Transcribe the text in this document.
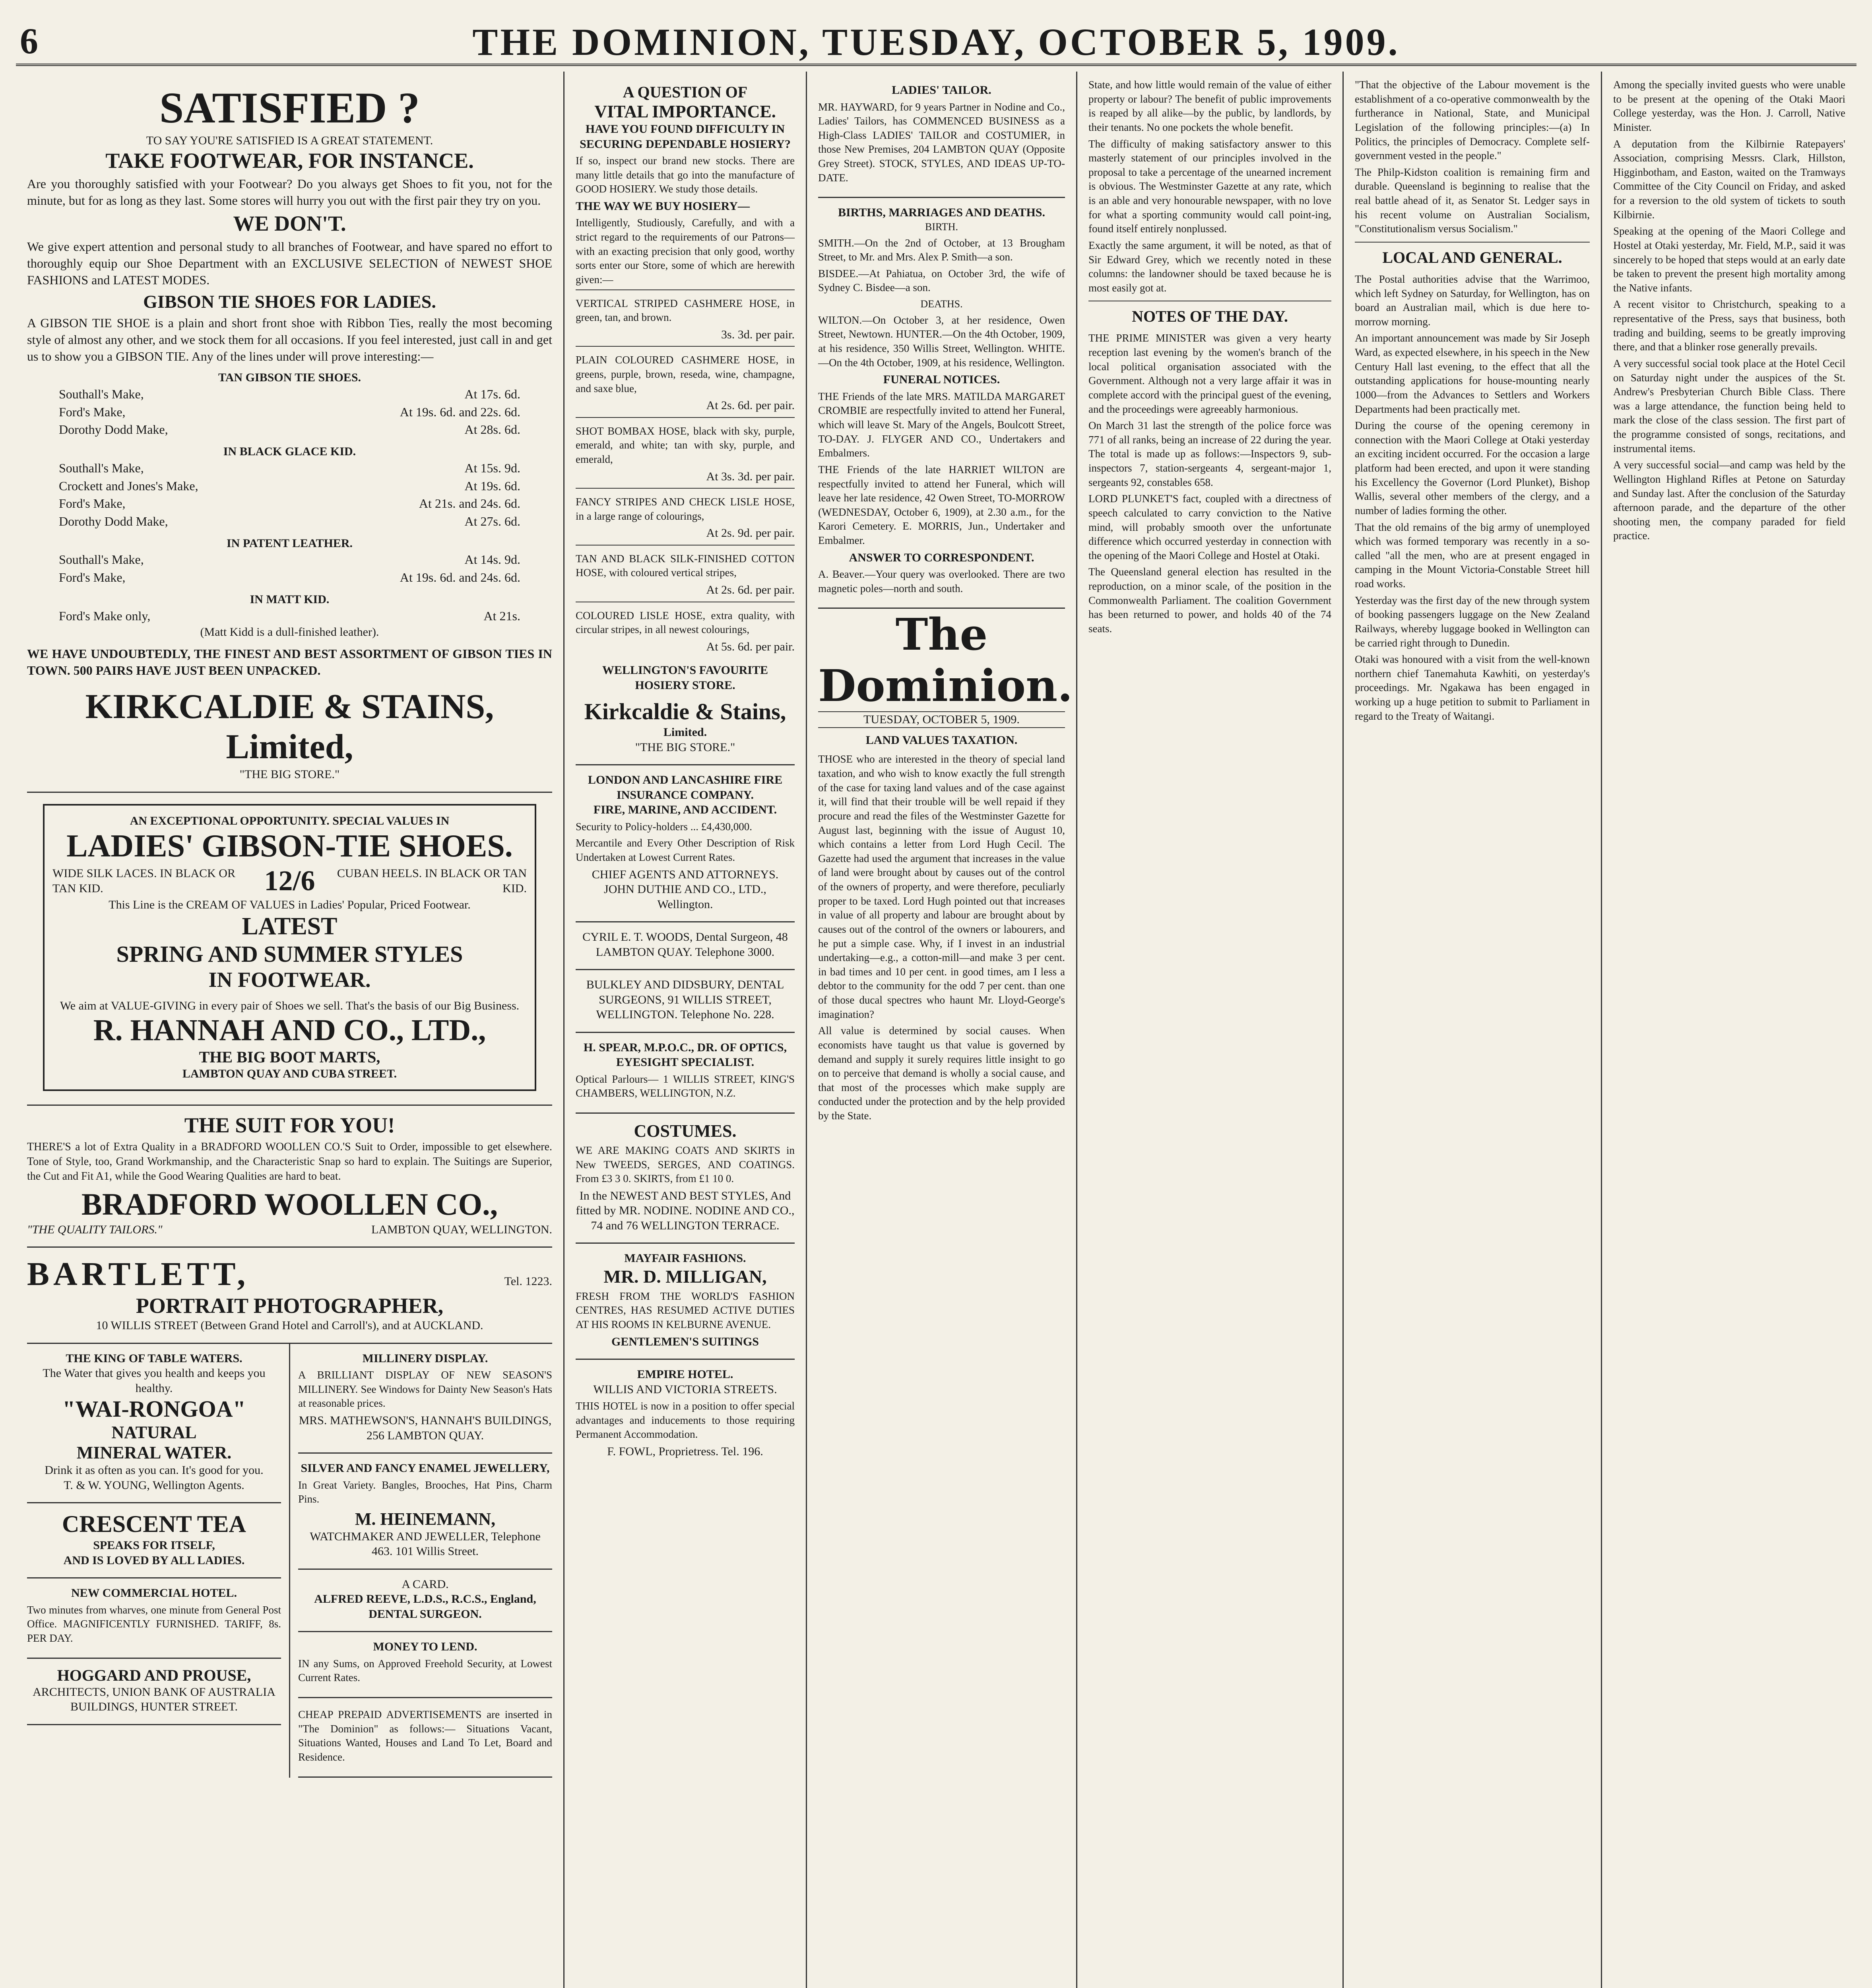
6	THE DOMINION, TUESDAY, OCTOBER 5, 1909.
SATISFIED ?
TO SAY YOU'RE SATISFIED IS A GREAT STATEMENT.
TAKE FOOTWEAR, FOR INSTANCE.
Are you thoroughly satisfied with your Footwear? Do you always get Shoes to fit you, not for the minute, but for as long as they last. Some stores will hurry you out with the first pair they try on you.
WE DON'T.
We give expert attention and personal study to all branches of Footwear, and have spared no effort to thoroughly equip our Shoe Department with an EXCLUSIVE SELECTION of NEWEST SHOE FASHIONS and LATEST MODES.
GIBSON TIE SHOES FOR LADIES.
A GIBSON TIE SHOE is a plain and short front shoe with Ribbon Ties, really the most becoming style of almost any other, and we stock them for all occasions. If you feel interested, just call in and get us to show you a GIBSON TIE. Any of the lines under will prove interesting:—
TAN GIBSON TIE SHOES.
Southall's Make,	At 17s. 6d.
Ford's Make,	At 19s. 6d. and 22s. 6d.
Dorothy Dodd Make,	At 28s. 6d.
IN BLACK GLACE KID.
Southall's Make,	At 15s. 9d.
Crockett and Jones's Make,	At 19s. 6d.
Ford's Make,	At 21s. and 24s. 6d.
Dorothy Dodd Make,	At 27s. 6d.
IN PATENT LEATHER.
Southall's Make,	At 14s. 9d.
Ford's Make,	At 19s. 6d. and 24s. 6d.
IN MATT KID.
Ford's Make only,	At 21s.
(Matt Kidd is a dull-finished leather).
WE HAVE UNDOUBTEDLY, THE FINEST AND BEST ASSORTMENT OF GIBSON TIES IN TOWN. 500 PAIRS HAVE JUST BEEN UNPACKED.
KIRKCALDIE & STAINS, Limited,
"THE BIG STORE."
AN EXCEPTIONAL OPPORTUNITY. SPECIAL VALUES IN
LADIES' GIBSON-TIE SHOES.
WIDE SILK LACES. IN BLACK OR TAN KID.	12/6 CUBAN HEELS. IN BLACK OR TAN KID.
This Line is the CREAM OF VALUES in Ladies' Popular, Priced Footwear.
LATEST
SPRING AND SUMMER STYLES
IN FOOTWEAR.
We aim at VALUE-GIVING in every pair of Shoes we sell. That's the basis of our Big Business.
R. HANNAH AND CO., LTD.,
THE BIG BOOT MARTS,
LAMBTON QUAY AND CUBA STREET.
THE SUIT FOR YOU!
THERE'S a lot of Extra Quality in a BRADFORD WOOLLEN CO.'S Suit to Order, impossible to get elsewhere. Tone of Style, too, Grand Workmanship, and the Characteristic Snap so hard to explain. The Suitings are Superior, the Cut and Fit A1, while the Good Wearing Qualities are hard to beat.
BRADFORD WOOLLEN CO.,
"THE QUALITY TAILORS."	LAMBTON QUAY, WELLINGTON.
BARTLETT,	Tel. 1223.
PORTRAIT PHOTOGRAPHER,
10 WILLIS STREET (Between Grand Hotel and Carroll's), and at AUCKLAND.
THE KING OF TABLE WATERS.
The Water that gives you health and keeps you healthy.
"WAI-RONGOA"
NATURAL
MINERAL WATER.
Drink it as often as you can. It's good for you.
T. & W. YOUNG, Wellington Agents.
CRESCENT TEA
SPEAKS FOR ITSELF,
AND IS LOVED BY ALL LADIES.
NEW COMMERCIAL HOTEL.
Two minutes from wharves, one minute from General Post Office. MAGNIFICENTLY FURNISHED. TARIFF, 8s. PER DAY.
HOGGARD AND PROUSE,
ARCHITECTS, UNION BANK OF AUSTRALIA BUILDINGS, HUNTER STREET.
MILLINERY DISPLAY.
A BRILLIANT DISPLAY OF NEW SEASON'S MILLINERY. See Windows for Dainty New Season's Hats at reasonable prices.
MRS. MATHEWSON'S, HANNAH'S BUILDINGS, 256 LAMBTON QUAY.
SILVER AND FANCY ENAMEL JEWELLERY,
In Great Variety. Bangles, Brooches, Hat Pins, Charm Pins.
M. HEINEMANN,
WATCHMAKER AND JEWELLER, Telephone 463. 101 Willis Street.
A CARD.
ALFRED REEVE, L.D.S., R.C.S., England, DENTAL SURGEON.
MONEY TO LEND.
IN any Sums, on Approved Freehold Security, at Lowest Current Rates.
CHEAP PREPAID ADVERTISEMENTS are inserted in "The Dominion" as follows:— Situations Vacant, Situations Wanted, Houses and Land To Let, Board and Residence.
A QUESTION OF
VITAL IMPORTANCE.
HAVE YOU FOUND DIFFICULTY IN SECURING DEPENDABLE HOSIERY?
If so, inspect our brand new stocks. There are many little details that go into the manufacture of GOOD HOSIERY. We study those details.
THE WAY WE BUY HOSIERY—
Intelligently, Studiously, Carefully, and with a strict regard to the requirements of our Patrons—with an exacting precision that only good, worthy sorts enter our Store, some of which are herewith given:—
VERTICAL STRIPED CASHMERE HOSE, in green, tan, and brown.
3s. 3d. per pair.
PLAIN COLOURED CASHMERE HOSE, in greens, purple, brown, reseda, wine, champagne, and saxe blue,
At 2s. 6d. per pair.
SHOT BOMBAX HOSE, black with sky, purple, emerald, and white; tan with sky, purple, and emerald,
At 3s. 3d. per pair.
FANCY STRIPES AND CHECK LISLE HOSE, in a large range of colourings,
At 2s. 9d. per pair.
TAN AND BLACK SILK-FINISHED COTTON HOSE, with coloured vertical stripes,
At 2s. 6d. per pair.
COLOURED LISLE HOSE, extra quality, with circular stripes, in all newest colourings,
At 5s. 6d. per pair.
WELLINGTON'S FAVOURITE HOSIERY STORE.
Kirkcaldie & Stains,
Limited.
"THE BIG STORE."
LONDON AND LANCASHIRE FIRE INSURANCE COMPANY.
FIRE, MARINE, AND ACCIDENT.
Security to Policy-holders ... £4,430,000.
Mercantile and Every Other Description of Risk Undertaken at Lowest Current Rates.
CHIEF AGENTS AND ATTORNEYS. JOHN DUTHIE AND CO., LTD., Wellington.
CYRIL E. T. WOODS, Dental Surgeon, 48 LAMBTON QUAY. Telephone 3000.
BULKLEY AND DIDSBURY, DENTAL SURGEONS, 91 WILLIS STREET, WELLINGTON. Telephone No. 228.
H. SPEAR, M.P.O.C., DR. OF OPTICS, EYESIGHT SPECIALIST.
Optical Parlours— 1 WILLIS STREET, KING'S CHAMBERS, WELLINGTON, N.Z.
COSTUMES.
WE ARE MAKING COATS AND SKIRTS in New TWEEDS, SERGES, AND COATINGS. From £3 3 0. SKIRTS, from £1 10 0.
In the NEWEST AND BEST STYLES, And fitted by MR. NODINE. NODINE AND CO., 74 and 76 WELLINGTON TERRACE.
MAYFAIR FASHIONS.
MR. D. MILLIGAN,
FRESH FROM THE WORLD'S FASHION CENTRES, HAS RESUMED ACTIVE DUTIES AT HIS ROOMS IN KELBURNE AVENUE.
GENTLEMEN'S SUITINGS
EMPIRE HOTEL.
WILLIS AND VICTORIA STREETS.
THIS HOTEL is now in a position to offer special advantages and inducements to those requiring Permanent Accommodation.
F. FOWL, Proprietress. Tel. 196.
LADIES' TAILOR.
MR. HAYWARD, for 9 years Partner in Nodine and Co., Ladies' Tailors, has COMMENCED BUSINESS as a High-Class LADIES' TAILOR and COSTUMIER, in those New Premises, 204 LAMBTON QUAY (Opposite Grey Street). STOCK, STYLES, AND IDEAS UP-TO-DATE.
BIRTHS, MARRIAGES AND DEATHS.
BIRTH.
SMITH.—On the 2nd of October, at 13 Brougham Street, to Mr. and Mrs. Alex P. Smith—a son.
BISDEE.—At Pahiatua, on October 3rd, the wife of Sydney C. Bisdee—a son.
DEATHS.
WILTON.—On October 3, at her residence, Owen Street, Newtown. HUNTER.—On the 4th October, 1909, at his residence, 350 Willis Street, Wellington. WHITE.—On the 4th October, 1909, at his residence, Wellington.
FUNERAL NOTICES.
THE Friends of the late MRS. MATILDA MARGARET CROMBIE are respectfully invited to attend her Funeral, which will leave St. Mary of the Angels, Boulcott Street, TO-DAY. J. FLYGER AND CO., Undertakers and Embalmers.
THE Friends of the late HARRIET WILTON are respectfully invited to attend her Funeral, which will leave her late residence, 42 Owen Street, TO-MORROW (WEDNESDAY, October 6, 1909), at 2.30 a.m., for the Karori Cemetery. E. MORRIS, Jun., Undertaker and Embalmer.
ANSWER TO CORRESPONDENT.
A. Beaver.—Your query was overlooked. There are two magnetic poles—north and south.
The Dominion.
TUESDAY, OCTOBER 5, 1909.
LAND VALUES TAXATION.
THOSE who are interested in the theory of special land taxation, and who wish to know exactly the full strength of the case for taxing land values and of the case against it, will find that their trouble will be well repaid if they procure and read the files of the Westminster Gazette for August last, beginning with the issue of August 10, which contains a letter from Lord Hugh Cecil. The Gazette had used the argument that increases in the value of land were brought about by causes out of the control of the owners of property, and were therefore, peculiarly proper to be taxed. Lord Hugh pointed out that increases in value of all property and labour are brought about by causes out of the control of the owners or labourers, and he put a simple case. Why, if I invest in an industrial undertaking—e.g., a cotton-mill—and make 3 per cent. in bad times and 10 per cent. in good times, am I less a debtor to the community for the odd 7 per cent. than one of those ducal spectres who haunt Mr. Lloyd-George's imagination?
All value is determined by social causes. When economists have taught us that value is governed by demand and supply it surely requires little insight to go on to perceive that demand is wholly a social cause, and that most of the processes which make supply are conducted under the protection and by the help provided by the State.
State, and how little would remain of the value of either property or labour? The benefit of public improvements is reaped by all alike—by the public, by landlords, by their tenants. No one pockets the whole benefit.
The difficulty of making satisfactory answer to this masterly statement of our principles involved in the proposal to take a percentage of the unearned increment is obvious. The Westminster Gazette at any rate, which is an able and very honourable newspaper, with no love for what a sporting community would call point-ing, found itself entirely nonplussed.
Exactly the same argument, it will be noted, as that of Sir Edward Grey, which we recently noted in these columns: the landowner should be taxed because he is most easily got at.
NOTES OF THE DAY.
THE PRIME MINISTER was given a very hearty reception last evening by the women's branch of the local political organisation associated with the Government. Although not a very large affair it was in complete accord with the principal guest of the evening, and the proceedings were agreeably harmonious.
On March 31 last the strength of the police force was 771 of all ranks, being an increase of 22 during the year. The total is made up as follows:—Inspectors 9, sub-inspectors 7, station-sergeants 4, sergeant-major 1, sergeants 92, constables 658.
LORD PLUNKET'S fact, coupled with a directness of speech calculated to carry conviction to the Native mind, will probably smooth over the unfortunate difference which occurred yesterday in connection with the opening of the Maori College and Hostel at Otaki.
The Queensland general election has resulted in the reproduction, on a minor scale, of the position in the Commonwealth Parliament. The coalition Government has been returned to power, and holds 40 of the 74 seats.
"That the objective of the Labour movement is the establishment of a co-operative commonwealth by the furtherance in National, State, and Municipal Legislation of the following principles:—(a) In Politics, the principles of Democracy. Complete self-government vested in the people."
The Philp-Kidston coalition is remaining firm and durable. Queensland is beginning to realise that the real battle ahead of it, as Senator St. Ledger says in his recent volume on Australian Socialism, "Constitutionalism versus Socialism."
LOCAL AND GENERAL.
The Postal authorities advise that the Warrimoo, which left Sydney on Saturday, for Wellington, has on board an Australian mail, which is due here to-morrow morning.
An important announcement was made by Sir Joseph Ward, as expected elsewhere, in his speech in the New Century Hall last evening, to the effect that all the outstanding applications for house-mounting nearly 1000—from the Advances to Settlers and Workers Departments had been practically met.
During the course of the opening ceremony in connection with the Maori College at Otaki yesterday an exciting incident occurred. For the occasion a large platform had been erected, and upon it were standing his Excellency the Governor (Lord Plunket), Bishop Wallis, several other members of the clergy, and a number of ladies forming the other.
That the old remains of the big army of unemployed which was formed temporary was recently in a so-called "all the men, who are at present engaged in camping in the Mount Victoria-Constable Street hill road works.
Yesterday was the first day of the new through system of booking passengers luggage on the New Zealand Railways, whereby luggage booked in Wellington can be carried right through to Dunedin.
Otaki was honoured with a visit from the well-known northern chief Tanemahuta Kawhiti, on yesterday's proceedings. Mr. Ngakawa has been engaged in working up a huge petition to submit to Parliament in regard to the Treaty of Waitangi.
Among the specially invited guests who were unable to be present at the opening of the Otaki Maori College yesterday, was the Hon. J. Carroll, Native Minister.
A deputation from the Kilbirnie Ratepayers' Association, comprising Messrs. Clark, Hillston, Higginbotham, and Easton, waited on the Tramways Committee of the City Council on Friday, and asked for a reversion to the old system of tickets to south Kilbirnie.
Speaking at the opening of the Maori College and Hostel at Otaki yesterday, Mr. Field, M.P., said it was sincerely to be hoped that steps would at an early date be taken to prevent the present high mortality among the Native infants.
A recent visitor to Christchurch, speaking to a representative of the Press, says that business, both trading and building, seems to be greatly improving there, and that a blinker rose generally prevails.
A very successful social took place at the Hotel Cecil on Saturday night under the auspices of the St. Andrew's Presbyterian Church Bible Class. There was a large attendance, the function being held to mark the close of the class session. The first part of the programme consisted of songs, recitations, and instrumental items.
A very successful social—and camp was held by the Wellington Highland Rifles at Petone on Saturday and Sunday last. After the conclusion of the Saturday afternoon parade, and the departure of the other shooting men, the company paraded for field practice.
